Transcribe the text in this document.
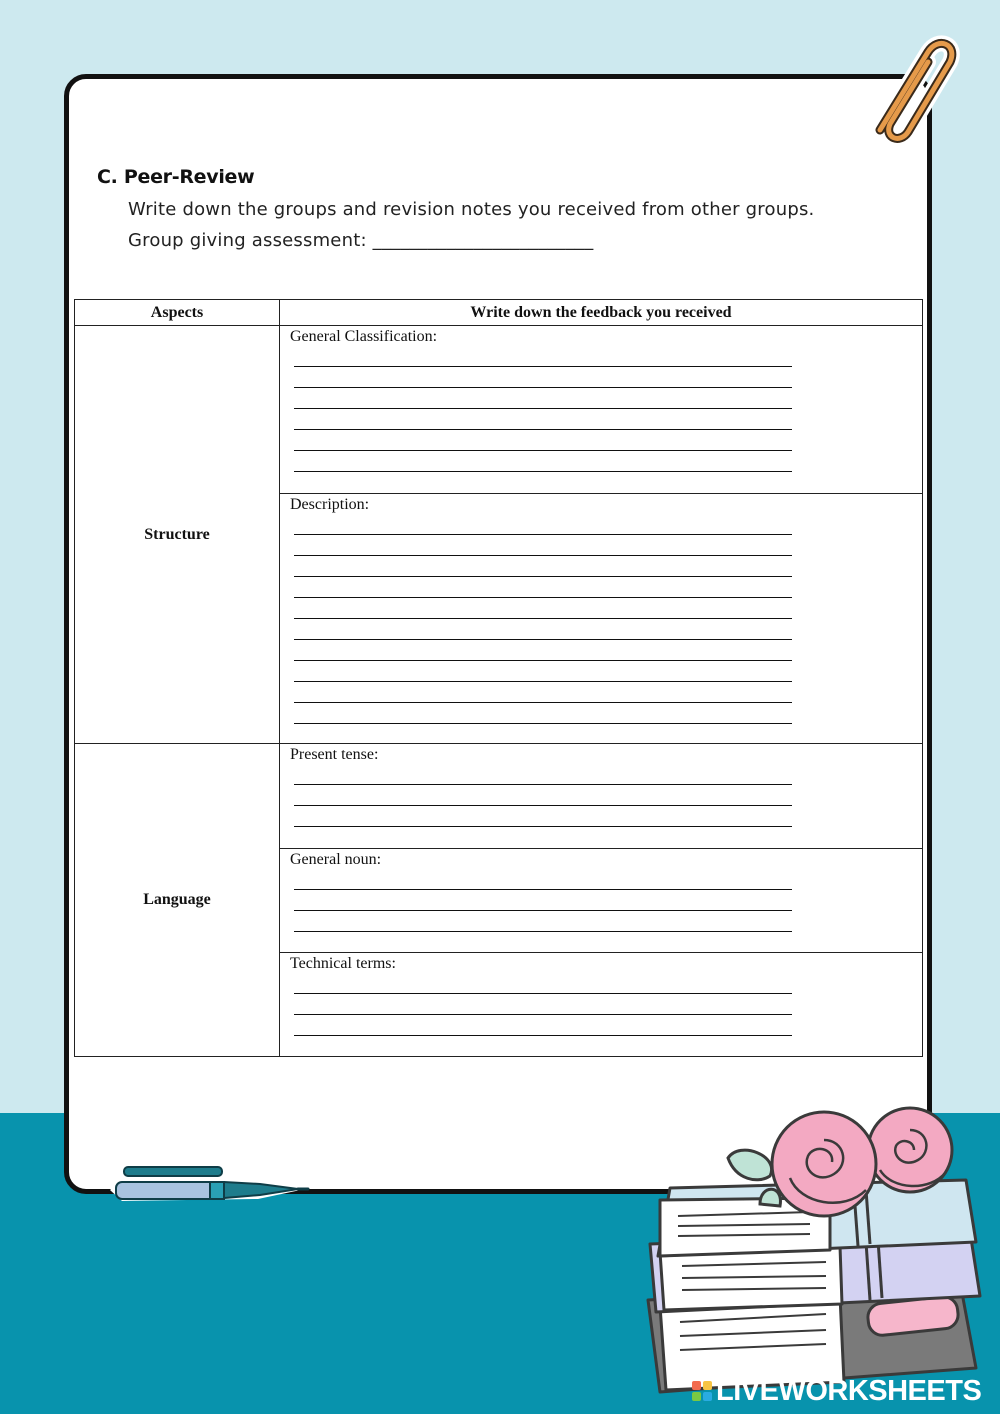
C. Peer-Review

Write down the groups and revision notes you received from other groups.

Group giving assessment: ________________________

Aspects	Write down the feedback you received
Structure	General Classification:

	Description:

Language	Present tense:

	General noun:

	Technical terms:
LIVEWORKSHEETS
